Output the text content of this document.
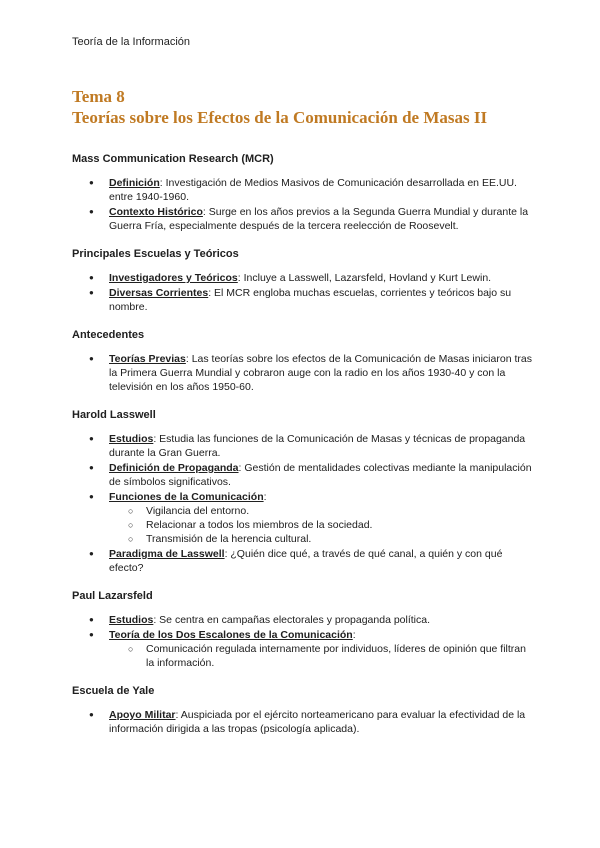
Teoría de la Información

Tema 8

Teorías sobre los Efectos de la Comunicación de Masas II

Mass Communication Research (MCR)

● Definición: Investigación de Medios Masivos de Comunicación desarrollada en EE.UU. entre 1940-1960.
● Contexto Histórico: Surge en los años previos a la Segunda Guerra Mundial y durante la Guerra Fría, especialmente después de la tercera reelección de Roosevelt.

Principales Escuelas y Teóricos

● Investigadores y Teóricos: Incluye a Lasswell, Lazarsfeld, Hovland y Kurt Lewin.
● Diversas Corrientes: El MCR engloba muchas escuelas, corrientes y teóricos bajo su nombre.

Antecedentes

● Teorías Previas: Las teorías sobre los efectos de la Comunicación de Masas iniciaron tras la Primera Guerra Mundial y cobraron auge con la radio en los años 1930-40 y con la televisión en los años 1950-60.

Harold Lasswell

● Estudios: Estudia las funciones de la Comunicación de Masas y técnicas de propaganda durante la Gran Guerra.
● Definición de Propaganda: Gestión de mentalidades colectivas mediante la manipulación de símbolos significativos.
● Funciones de la Comunicación:
○ Vigilancia del entorno.
○ Relacionar a todos los miembros de la sociedad.
○ Transmisión de la herencia cultural.
● Paradigma de Lasswell: ¿Quién dice qué, a través de qué canal, a quién y con qué efecto?

Paul Lazarsfeld

● Estudios: Se centra en campañas electorales y propaganda política.
● Teoría de los Dos Escalones de la Comunicación:
○ Comunicación regulada internamente por individuos, líderes de opinión que filtran la información.

Escuela de Yale

● Apoyo Militar: Auspiciada por el ejército norteamericano para evaluar la efectividad de la información dirigida a las tropas (psicología aplicada).
